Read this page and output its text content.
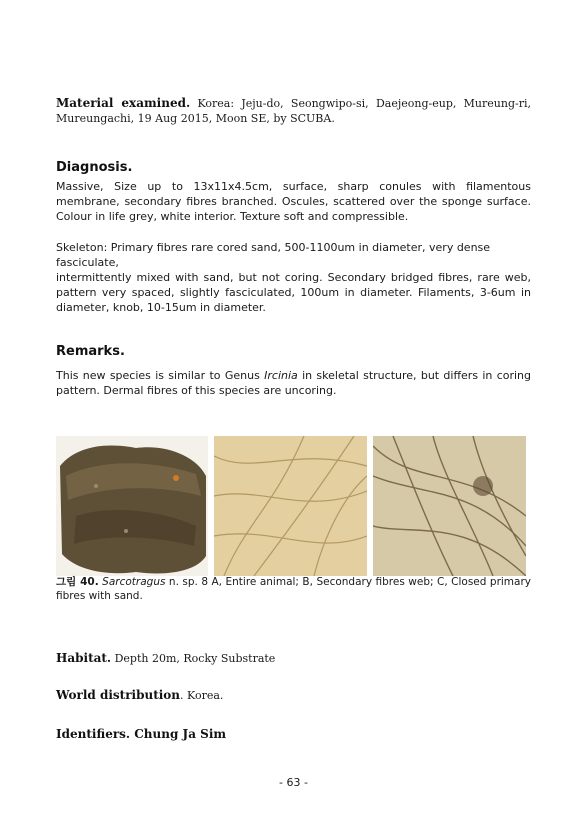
Material examined. Korea: Jeju-do, Seongwipo-si, Daejeong-eup, Mureung-ri, Mureungachi, 19 Aug 2015, Moon SE, by SCUBA.

Diagnosis.

Massive, Size up to 13x11x4.5cm, surface, sharp conules with filamentous membrane, secondary fibres branched. Oscules, scattered over the sponge surface. Colour in life grey, white interior. Texture soft and compressible.

Skeleton: Primary fibres rare cored sand, 500-1100um in diameter, very dense fasciculate,

intermittently mixed with sand, but not coring. Secondary bridged fibres, rare web, pattern very spaced, slightly fasciculated, 100um in diameter. Filaments, 3-6um in diameter, knob, 10-15um in diameter.

Remarks.

This new species is similar to Genus Ircinia in skeletal structure, but differs in coring pattern. Dermal fibres of this species are uncoring.

그림 40. Sarcotragus n. sp. 8 A, Entire animal; B, Secondary fibres web; C, Closed primary fibres with sand.

Habitat. Depth 20m, Rocky Substrate

World distribution. Korea.

Identifiers. Chung Ja Sim

- 63 -
